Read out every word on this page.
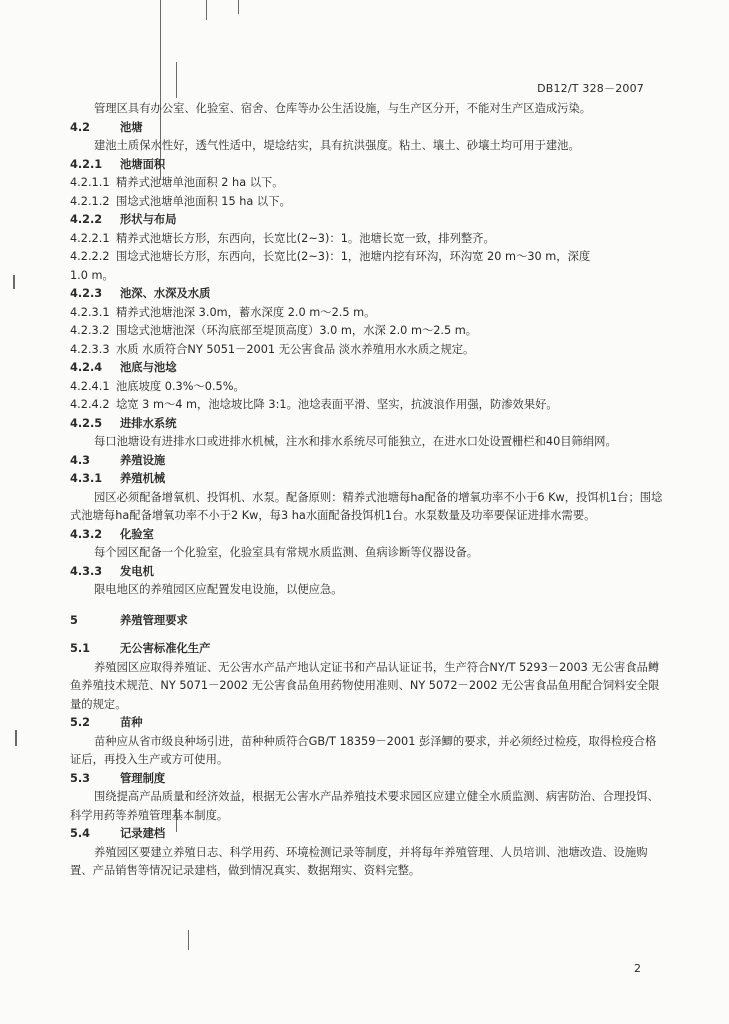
DB12/T 328－2007
管理区具有办公室、化验室、宿舍、仓库等办公生活设施，与生产区分开，不能对生产区造成污染。
4.2	池塘
建池土质保水性好，透气性适中，堤埝结实，具有抗洪强度。粘土、壤土、砂壤土均可用于建池。
4.2.1 池塘面积
4.2.1.1 精养式池塘单池面积 2 ha 以下。
4.2.1.2 围埝式池塘单池面积 15 ha 以下。
4.2.2 形状与布局
4.2.2.1 精养式池塘长方形，东西向，长宽比(2~3)：1。池塘长宽一致，排列整齐。
4.2.2.2 围埝式池塘长方形，东西向，长宽比(2~3)：1，池塘内挖有环沟，环沟宽 20 m～30 m，深度
1.0 m。
4.2.3 池深、水深及水质
4.2.3.1 精养式池塘池深 3.0m，蓄水深度 2.0 m～2.5 m。
4.2.3.2 围埝式池塘池深（环沟底部至堤顶高度）3.0 m，水深 2.0 m～2.5 m。
4.2.3.3 水质 水质符合NY 5051－2001 无公害食品 淡水养殖用水水质之规定。
4.2.4 池底与池埝
4.2.4.1 池底坡度 0.3%～0.5%。
4.2.4.2 埝宽 3 m～4 m，池埝坡比降 3:1。池埝表面平滑、坚实，抗波浪作用强，防渗效果好。
4.2.5 进排水系统
每口池塘设有进排水口或进排水机械，注水和排水系统尽可能独立，在进水口处设置栅栏和40目筛绢网。
4.3	养殖设施
4.3.1 养殖机械
园区必须配备增氧机、投饵机、水泵。配备原则：精养式池塘每ha配备的增氧功率不小于6 Kw，投饵机1台；围埝式池塘每ha配备增氧功率不小于2 Kw，每3 ha水面配备投饵机1台。水泵数量及功率要保证进排水需要。
4.3.2 化验室
每个园区配备一个化验室，化验室具有常规水质监测、鱼病诊断等仪器设备。
4.3.3 发电机
限电地区的养殖园区应配置发电设施，以便应急。
5	养殖管理要求
5.1	无公害标准化生产
养殖园区应取得养殖证、无公害水产品产地认定证书和产品认证证书，生产符合NY/T 5293－2003 无公害食品鳟鱼养殖技术规范、NY 5071－2002 无公害食品鱼用药物使用准则、NY 5072－2002 无公害食品鱼用配合饲料安全限量的规定。
5.2	苗种
苗种应从省市级良种场引进，苗种种质符合GB/T 18359－2001 彭泽鲫的要求，并必须经过检疫，取得检疫合格证后，再投入生产或方可使用。
5.3	管理制度
围绕提高产品质量和经济效益，根据无公害水产品养殖技术要求园区应建立健全水质监测、病害防治、合理投饵、科学用药等养殖管理基本制度。
5.4	记录建档
养殖园区要建立养殖日志、科学用药、环境检测记录等制度，并将每年养殖管理、人员培训、池塘改造、设施购置、产品销售等情况记录建档，做到情况真实、数据翔实、资料完整。
2
